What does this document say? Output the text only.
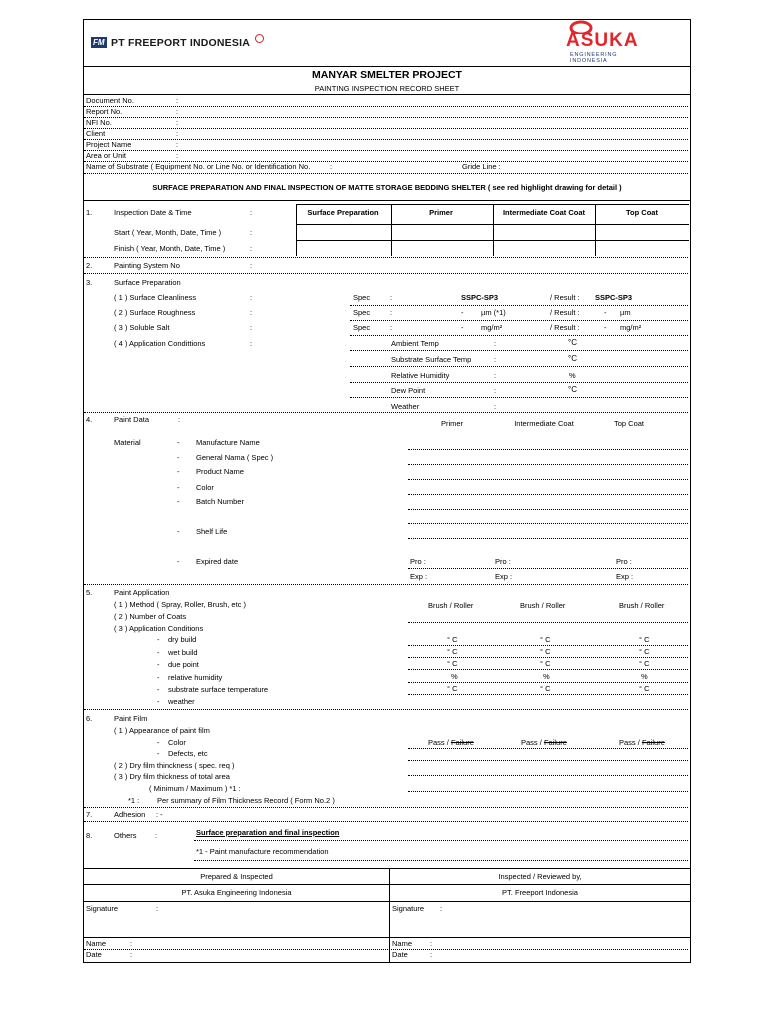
FM PT FREEPORT INDONESIA	ASUKA
ENGINEERING
INDONESIA
MANYAR SMELTER PROJECT
PAINTING INSPECTION RECORD SHEET
Document No.	:
Report No.	:
NFI No.	:
Client	:
Project Name	:
Area or Unit	:
Name of Substrate ( Equipment No. or Line No. or Identification No.	:	Gride Line :
SURFACE PREPARATION AND FINAL INSPECTION OF MATTE STORAGE BEDDING SHELTER ( see red highlight drawing for detail )
1.	Inspection Date & Time	:	Surface Preparation	Primer	Intermediate Coat Coat	Top Coat
Start ( Year, Month, Date, Time )	:
Finish ( Year, Month, Date, Time )	:
2.	Painting System No	:
3.	Surface Preparation
( 1 ) Surface Cleanliness	:	Spec	:	SSPC-SP3	/ Result : SSPC-SP3
( 2 ) Surface Roughness	:	Spec	:	- µm (*1)	/ Result :	- µm
( 3 ) Soluble Salt	:	Spec	:	- mg/m²	/ Result :	- mg/m²
( 4 ) Application Condittions	:	Ambient Temp	:	°C
Substrate Surface Temp	:	°C
Relative Humidity	:	%
Dew Point	:	°C
Weather	:
4.	Paint Data	:	Primer	Intermediate Coat	Top Coat
Material	- Manufacture Name
- General Nama ( Spec )
- Product Name
- Color
- Batch Number
- Shelf Life
- Expired date	Pro :	Pro :	Pro :
Exp :	Exp :	Exp :
5.	Paint Application
( 1 ) Method ( Spray, Roller, Brush, etc )	Brush / Roller	Brush / Roller	Brush / Roller
( 2 ) Number of Coats
( 3 ) Application Conditions
- dry build	° C	° C	° C
- wet build	° C	° C	° C
- due point	° C	° C	° C
- relative humidity	%	%	%
- substrate surface temperature	° C	° C	° C
- weather
6.	Paint Film
( 1 ) Appearance of paint film
- Color	Pass / Failure	Pass / Failure	Pass / Failure
- Defects, etc
( 2 ) Dry film thinckness ( spec. req )
( 3 ) Dry film thickness of total area
( Minimum / Maximum ) *1 :
*1 : Per summary of Film Thickness Record ( Form No.2 )
7.	Adhesion : -
8.	Others :	Surface preparation and final inspection
*1 - Paint manufacture recommendation
Prepared & Inspected	Inspected / Reviewed by,
PT. Asuka Engineering Indonesia	PT. Freeport Indonesia
Signature	:	Signature :
Name	:	Name :
Date	:	Date	:
